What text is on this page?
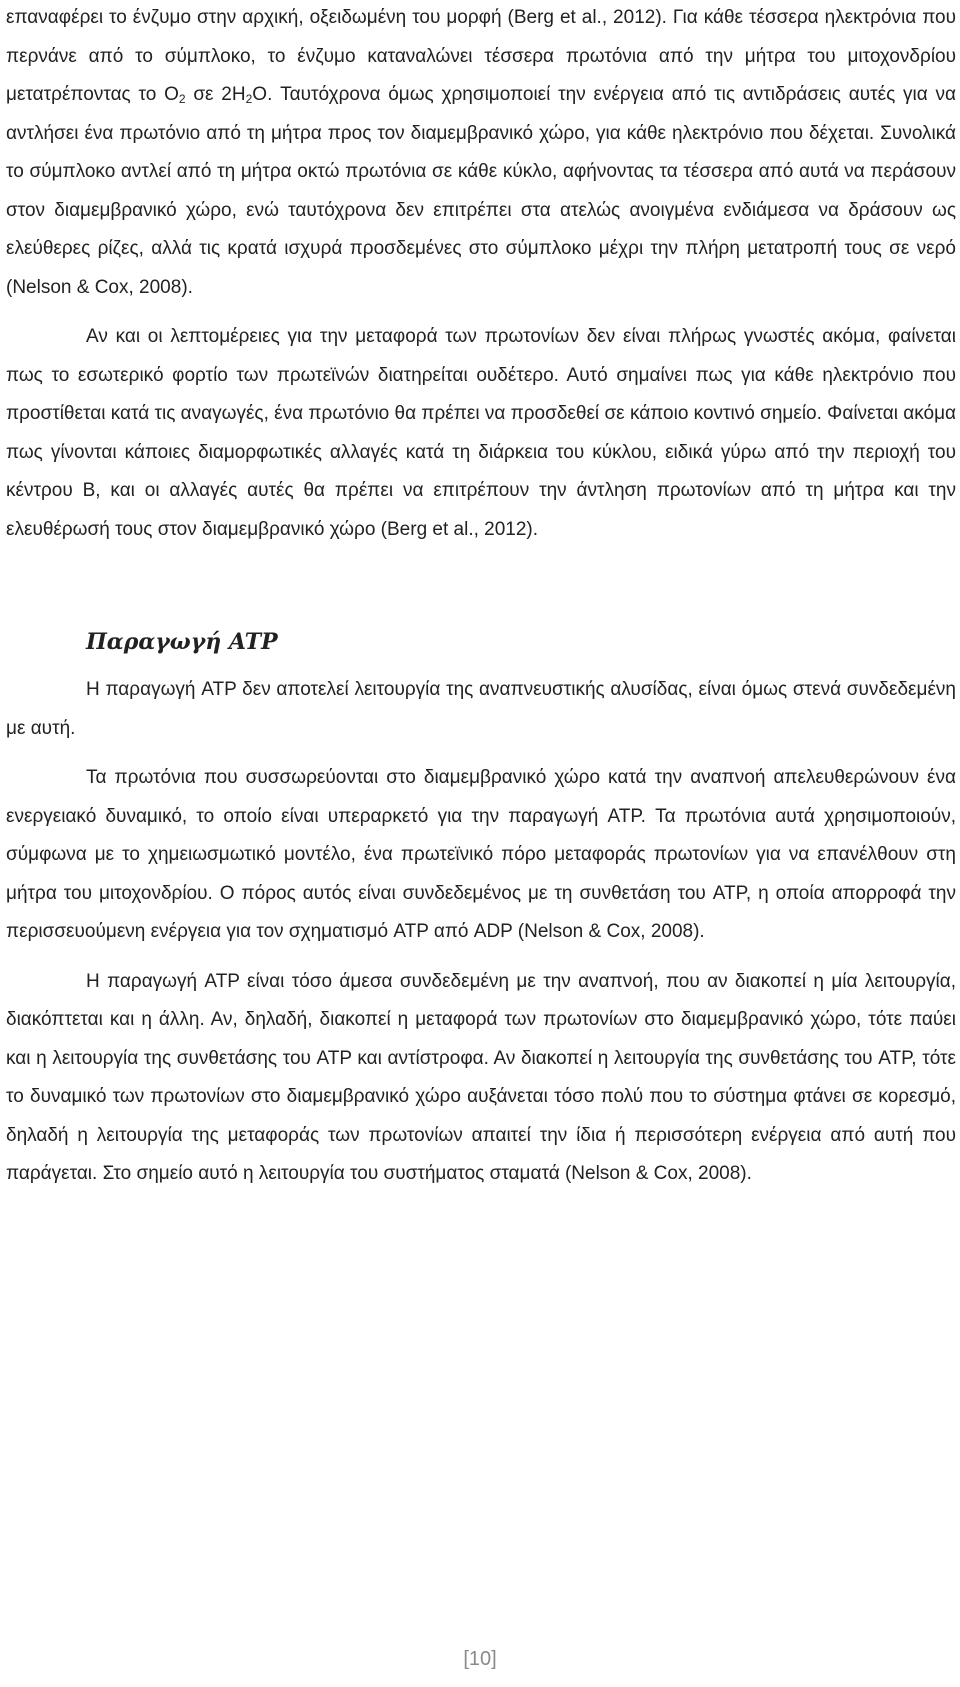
επαναφέρει το ένζυμο στην αρχική, οξειδωμένη του μορφή (Berg et al., 2012). Για κάθε τέσσερα ηλεκτρόνια που περνάνε από το σύμπλοκο, το ένζυμο καταναλώνει τέσσερα πρωτόνια από την μήτρα του μιτοχονδρίου μετατρέποντας το $O_2$ σε $2H_2O$. Ταυτόχρονα όμως χρησιμοποιεί την ενέργεια από τις αντιδράσεις αυτές για να αντλήσει ένα πρωτόνιο από τη μήτρα προς τον διαμεμβρανικό χώρο, για κάθε ηλεκτρόνιο που δέχεται. Συνολικά το σύμπλοκο αντλεί από τη μήτρα οκτώ πρωτόνια σε κάθε κύκλο, αφήνοντας τα τέσσερα από αυτά να περάσουν στον διαμεμβρανικό χώρο, ενώ ταυτόχρονα δεν επιτρέπει στα ατελώς ανοιγμένα ενδιάμεσα να δράσουν ως ελεύθερες ρίζες, αλλά τις κρατά ισχυρά προσδεμένες στο σύμπλοκο μέχρι την πλήρη μετατροπή τους σε νερό (Nelson & Cox, 2008).

Αν και οι λεπτομέρειες για την μεταφορά των πρωτονίων δεν είναι πλήρως γνωστές ακόμα, φαίνεται πως το εσωτερικό φορτίο των πρωτεϊνών διατηρείται ουδέτερο. Αυτό σημαίνει πως για κάθε ηλεκτρόνιο που προστίθεται κατά τις αναγωγές, ένα πρωτόνιο θα πρέπει να προσδεθεί σε κάποιο κοντινό σημείο. Φαίνεται ακόμα πως γίνονται κάποιες διαμορφωτικές αλλαγές κατά τη διάρκεια του κύκλου, ειδικά γύρω από την περιοχή του κέντρου B, και οι αλλαγές αυτές θα πρέπει να επιτρέπουν την άντληση πρωτονίων από τη μήτρα και την ελευθέρωσή τους στον διαμεμβρανικό χώρο (Berg et al., 2012).

Παραγωγή ATP

Η παραγωγή ATP δεν αποτελεί λειτουργία της αναπνευστικής αλυσίδας, είναι όμως στενά συνδεδεμένη με αυτή.

Τα πρωτόνια που συσσωρεύονται στο διαμεμβρανικό χώρο κατά την αναπνοή απελευθερώνουν ένα ενεργειακό δυναμικό, το οποίο είναι υπεραρκετό για την παραγωγή ATP. Τα πρωτόνια αυτά χρησιμοποιούν, σύμφωνα με το χημειωσμωτικό μοντέλο, ένα πρωτεϊνικό πόρο μεταφοράς πρωτονίων για να επανέλθουν στη μήτρα του μιτοχονδρίου. Ο πόρος αυτός είναι συνδεδεμένος με τη συνθετάση του ATP, η οποία απορροφά την περισσευούμενη ενέργεια για τον σχηματισμό ATP από ADP (Nelson & Cox, 2008).

Η παραγωγή ATP είναι τόσο άμεσα συνδεδεμένη με την αναπνοή, που αν διακοπεί η μία λειτουργία, διακόπτεται και η άλλη. Αν, δηλαδή, διακοπεί η μεταφορά των πρωτονίων στο διαμεμβρανικό χώρο, τότε παύει και η λειτουργία της συνθετάσης του ATP και αντίστροφα. Αν διακοπεί η λειτουργία της συνθετάσης του ATP, τότε το δυναμικό των πρωτονίων στο διαμεμβρανικό χώρο αυξάνεται τόσο πολύ που το σύστημα φτάνει σε κορεσμό, δηλαδή η λειτουργία της μεταφοράς των πρωτονίων απαιτεί την ίδια ή περισσότερη ενέργεια από αυτή που παράγεται. Στο σημείο αυτό η λειτουργία του συστήματος σταματά (Nelson & Cox, 2008).

[10]
